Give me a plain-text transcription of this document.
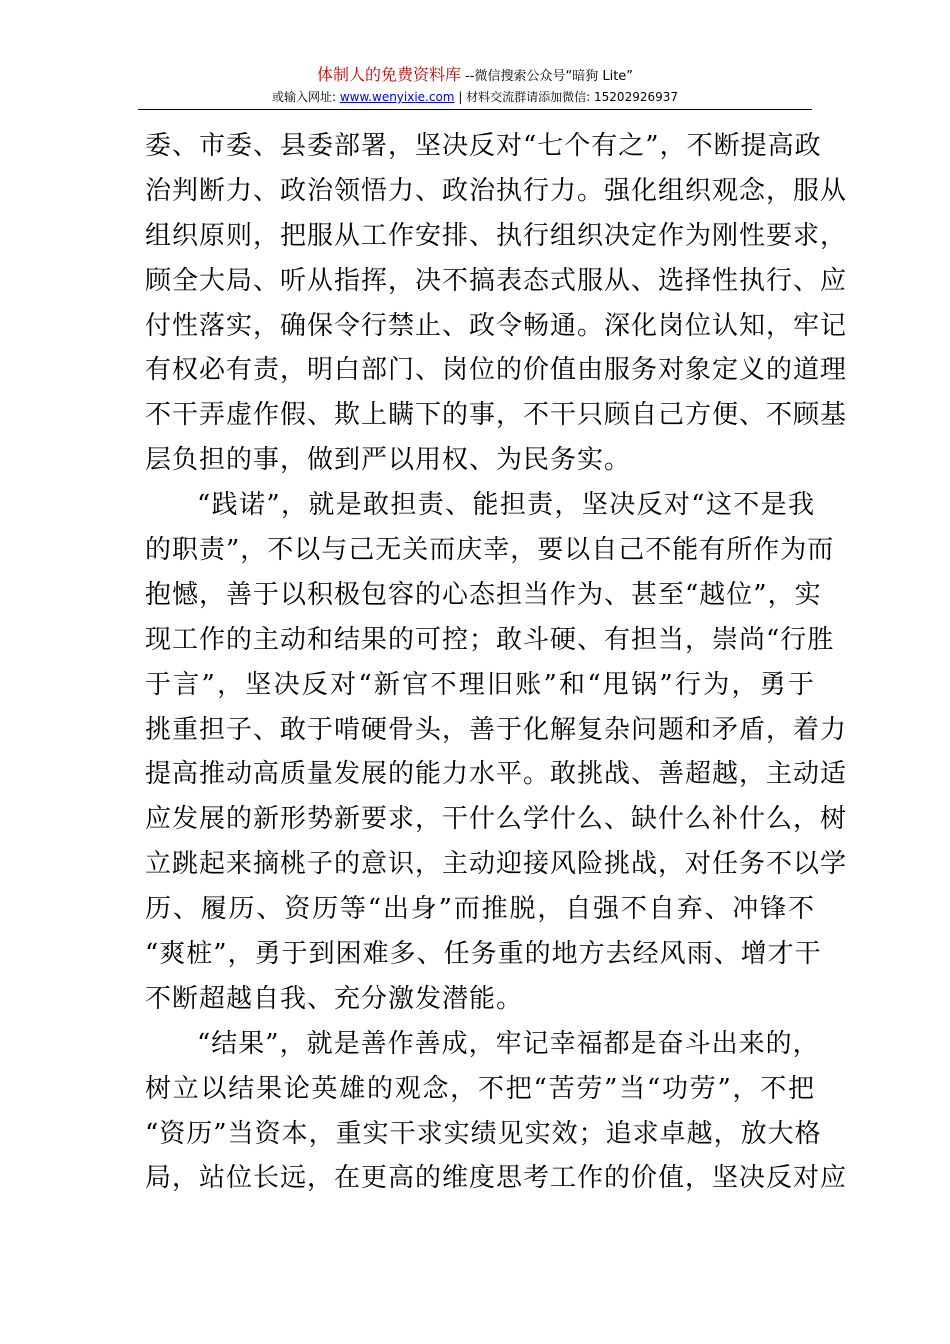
体制人的免费资料库 --微信搜索公众号“暗狗 Lite”
或输入网址: www.wenyixie.com | 材料交流群请添加微信: 15202926937
委、市委、县委部署，坚决反对“七个有之”，不断提高政
治判断力、政治领悟力、政治执行力。强化组织观念，服从
组织原则，把服从工作安排、执行组织决定作为刚性要求，
顾全大局、听从指挥，决不搞表态式服从、选择性执行、应
付性落实，确保令行禁止、政令畅通。深化岗位认知，牢记
有权必有责，明白部门、岗位的价值由服务对象定义的道理
不干弄虚作假、欺上瞒下的事，不干只顾自己方便、不顾基
层负担的事，做到严以用权、为民务实。
“践诺”，就是敢担责、能担责，坚决反对“这不是我
的职责”，不以与己无关而庆幸，要以自己不能有所作为而
抱憾，善于以积极包容的心态担当作为、甚至“越位”，实
现工作的主动和结果的可控；敢斗硬、有担当，崇尚“行胜
于言”，坚决反对“新官不理旧账”和“甩锅”行为，勇于
挑重担子、敢于啃硬骨头，善于化解复杂问题和矛盾，着力
提高推动高质量发展的能力水平。敢挑战、善超越，主动适
应发展的新形势新要求，干什么学什么、缺什么补什么，树
立跳起来摘桃子的意识，主动迎接风险挑战，对任务不以学
历、履历、资历等“出身”而推脱，自强不自弃、冲锋不
“爽桩”，勇于到困难多、任务重的地方去经风雨、增才干
不断超越自我、充分激发潜能。
“结果”，就是善作善成，牢记幸福都是奋斗出来的，
树立以结果论英雄的观念，不把“苦劳”当“功劳”，不把
“资历”当资本，重实干求实绩见实效；追求卓越，放大格
局，站位长远，在更高的维度思考工作的价值，坚决反对应
